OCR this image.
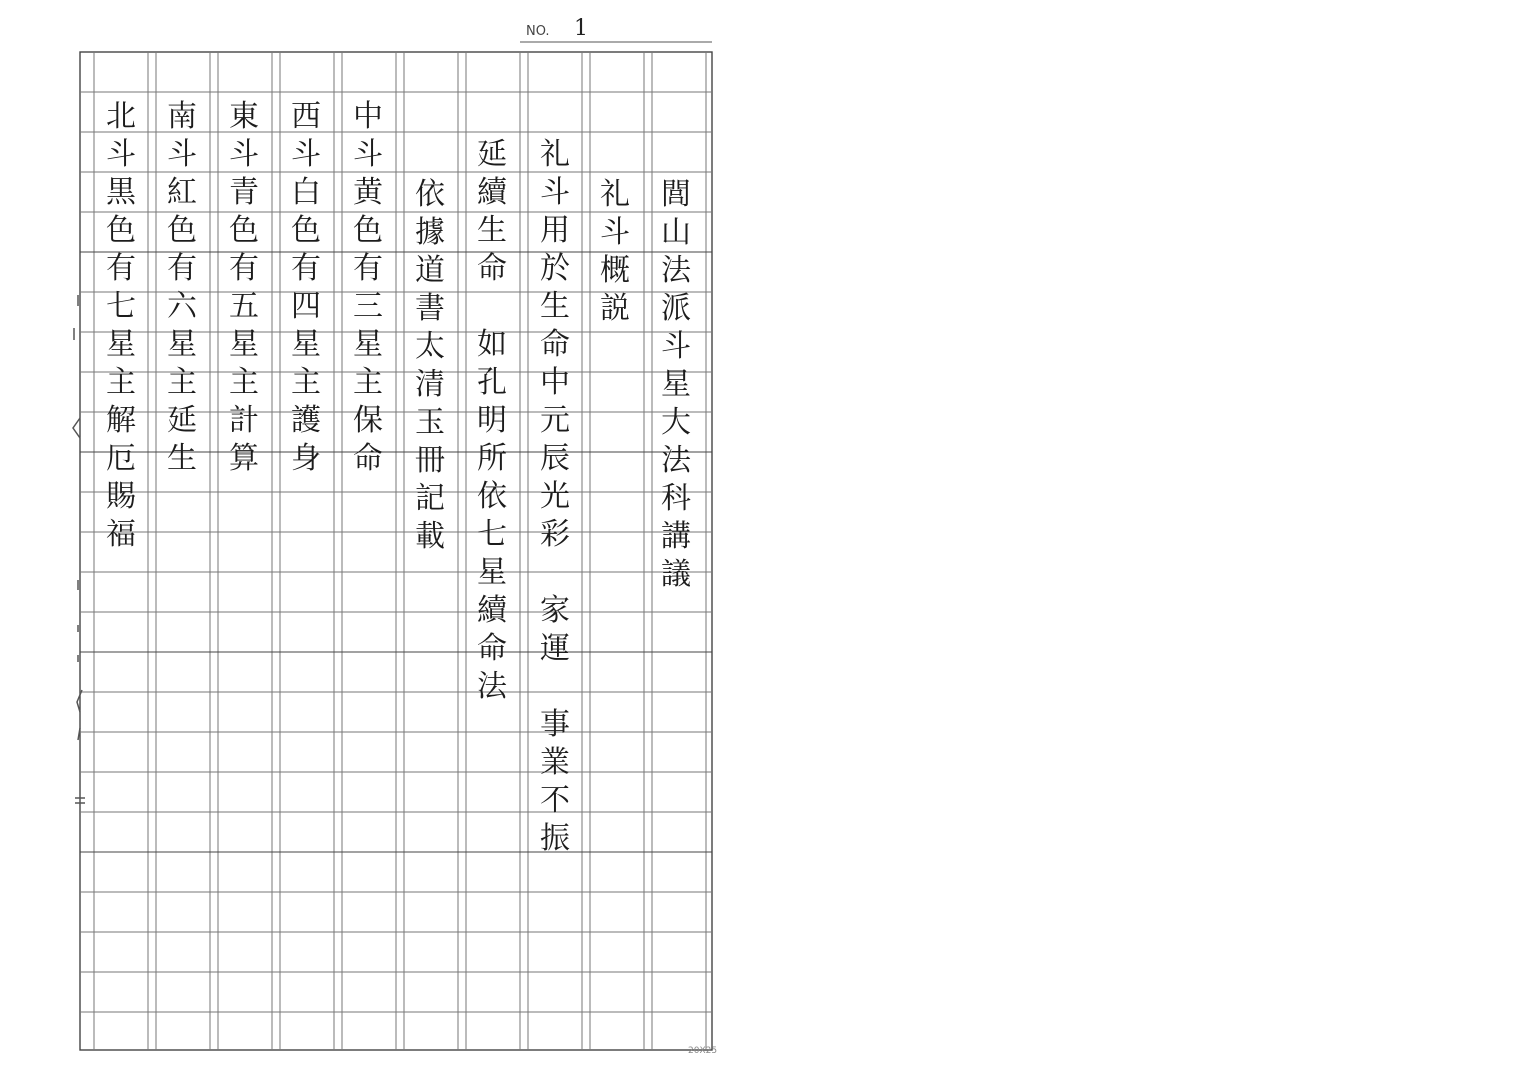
NO. 1
閭
山
法
派
斗
星
大
法
科
講
議
礼
斗
概
説
礼
斗
用
於
生
命
中
元
辰
光
彩
家
運
事
業
不
振
延
續
生
命
如
孔
明
所
依
七
星
續
命
法
依
據
道
書
太
清
玉
冊
記
載
中
斗
黄
色
有
三
星
主
保
命
西
斗
白
色
有
四
星
主
護
身
東
斗
青
色
有
五
星
主
計
算
南
斗
紅
色
有
六
星
主
延
生
北
斗
黒
色
有
七
星
主
解
厄
賜
福
20X25
